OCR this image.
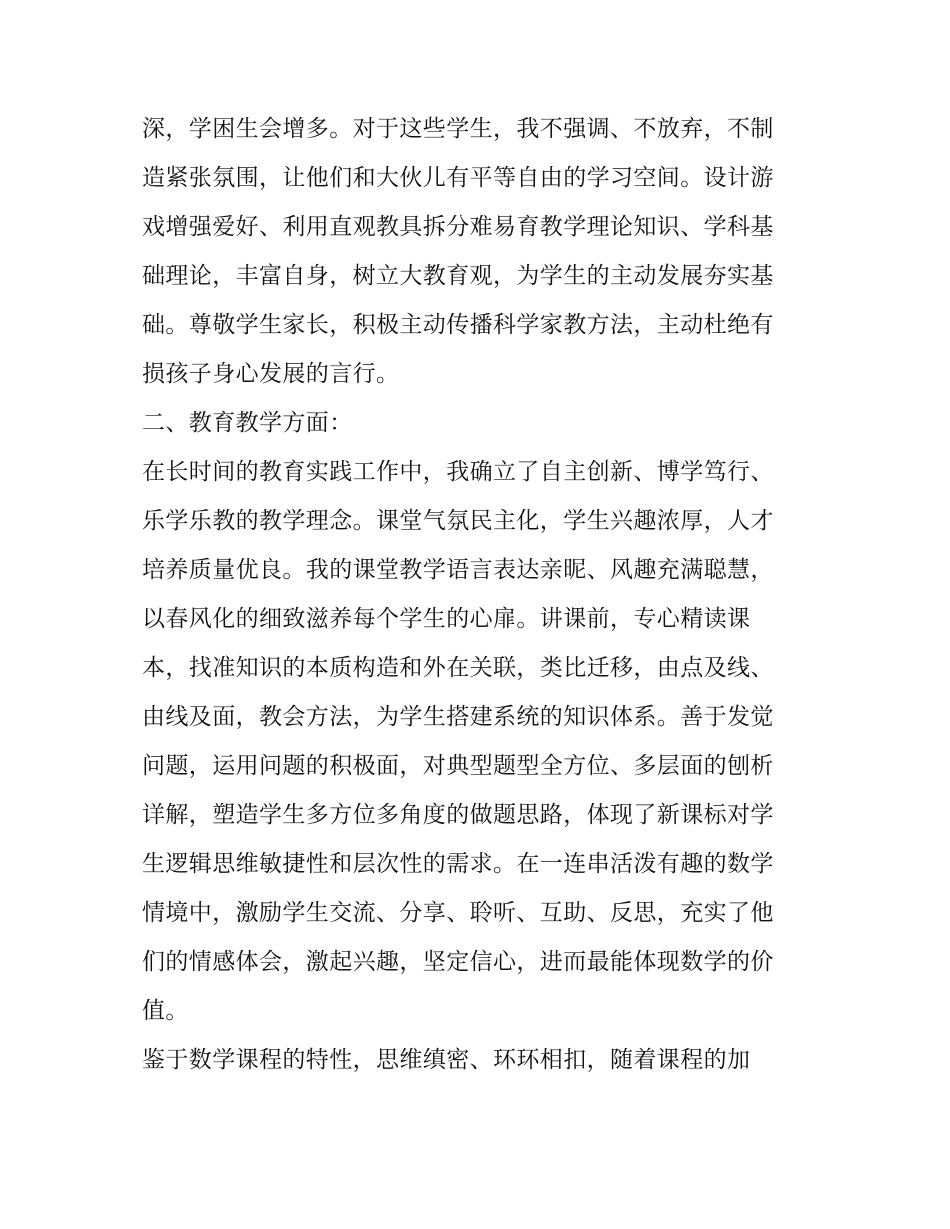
深，学困生会增多。对于这些学生，我不强调、不放弃，不制
造紧张氛围，让他们和大伙儿有平等自由的学习空间。设计游
戏增强爱好、利用直观教具拆分难易育教学理论知识、学科基
础理论，丰富自身，树立大教育观，为学生的主动发展夯实基
础。尊敬学生家长，积极主动传播科学家教方法，主动杜绝有
损孩子身心发展的言行。
二、教育教学方面：
在长时间的教育实践工作中，我确立了自主创新、博学笃行、
乐学乐教的教学理念。课堂气氛民主化，学生兴趣浓厚，人才
培养质量优良。我的课堂教学语言表达亲昵、风趣充满聪慧，
以春风化的细致滋养每个学生的心扉。讲课前，专心精读课
本，找准知识的本质构造和外在关联，类比迁移，由点及线、
由线及面，教会方法，为学生搭建系统的知识体系。善于发觉
问题，运用问题的积极面，对典型题型全方位、多层面的刨析
详解，塑造学生多方位多角度的做题思路，体现了新课标对学
生逻辑思维敏捷性和层次性的需求。在一连串活泼有趣的数学
情境中，激励学生交流、分享、聆听、互助、反思，充实了他
们的情感体会，激起兴趣，坚定信心，进而最能体现数学的价
值。
鉴于数学课程的特性，思维缜密、环环相扣，随着课程的加
